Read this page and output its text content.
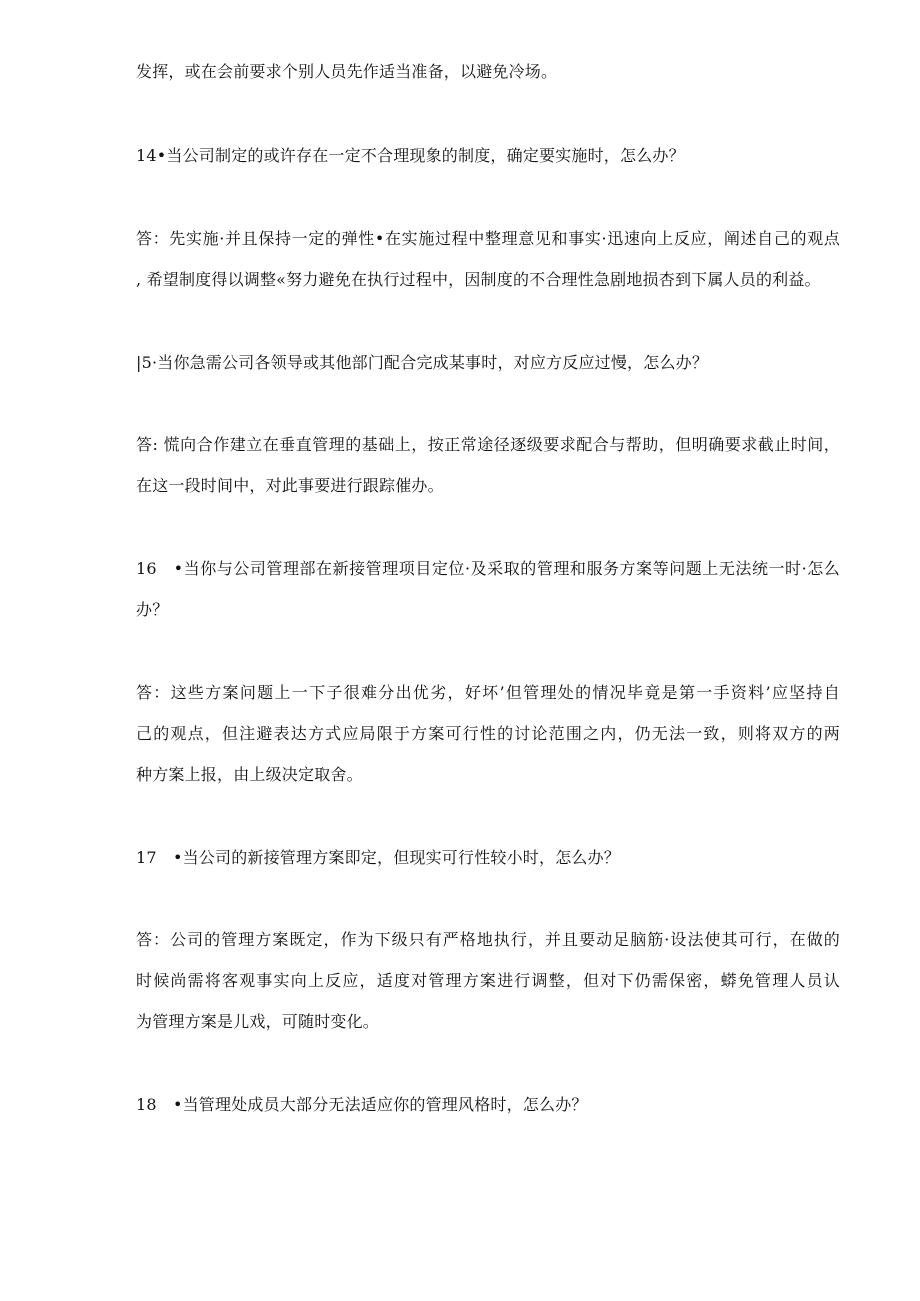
发挥，或在会前要求个别人员先作适当准备，以避免冷场。
14•当公司制定的或许存在一定不合理现象的制度，确定要实施时，怎么办？
答：先实施·并且保持一定的弹性•在实施过程中整理意见和事实·迅速向上反应，阐述自己的观点
, 希望制度得以调整«努力避免在执行过程中，因制度的不合理性急剧地损杏到下属人员的利益。
|5·当你急需公司各领导或其他部门配合完成某事时，对应方反应过慢，怎么办？
答: 慌向合作建立在垂直管理的基础上，按正常途径逐级要求配合与帮助，但明确要求截止时间，
在这一段时间中，对此事要进行跟踪催办。
16　•当你与公司管理部在新接管理项目定位·及采取的管理和服务方案等问题上无法统一时·怎么
办？
答：这些方案问题上一下子很难分出优劣，好坏’但管理处的情况毕竟是第一手资料’应坚持自
己的观点，但注避表达方式应局限于方案可行性的讨论范围之内，仍无法一致，则将双方的两
种方案上报，由上级决定取舍。
17　•当公司的新接管理方案即定，但现实可行性较小时，怎么办？
答：公司的管理方案既定，作为下级只有严格地执行，并且要动足脑筋·设法使其可行，在做的
时候尚需将客观事实向上反应，适度对管理方案进行调整，但对下仍需保密，蟒免管理人员认
为管理方案是儿戏，可随时变化。
18　•当管理处成员大部分无法适应你的管理风格时，怎么办？
